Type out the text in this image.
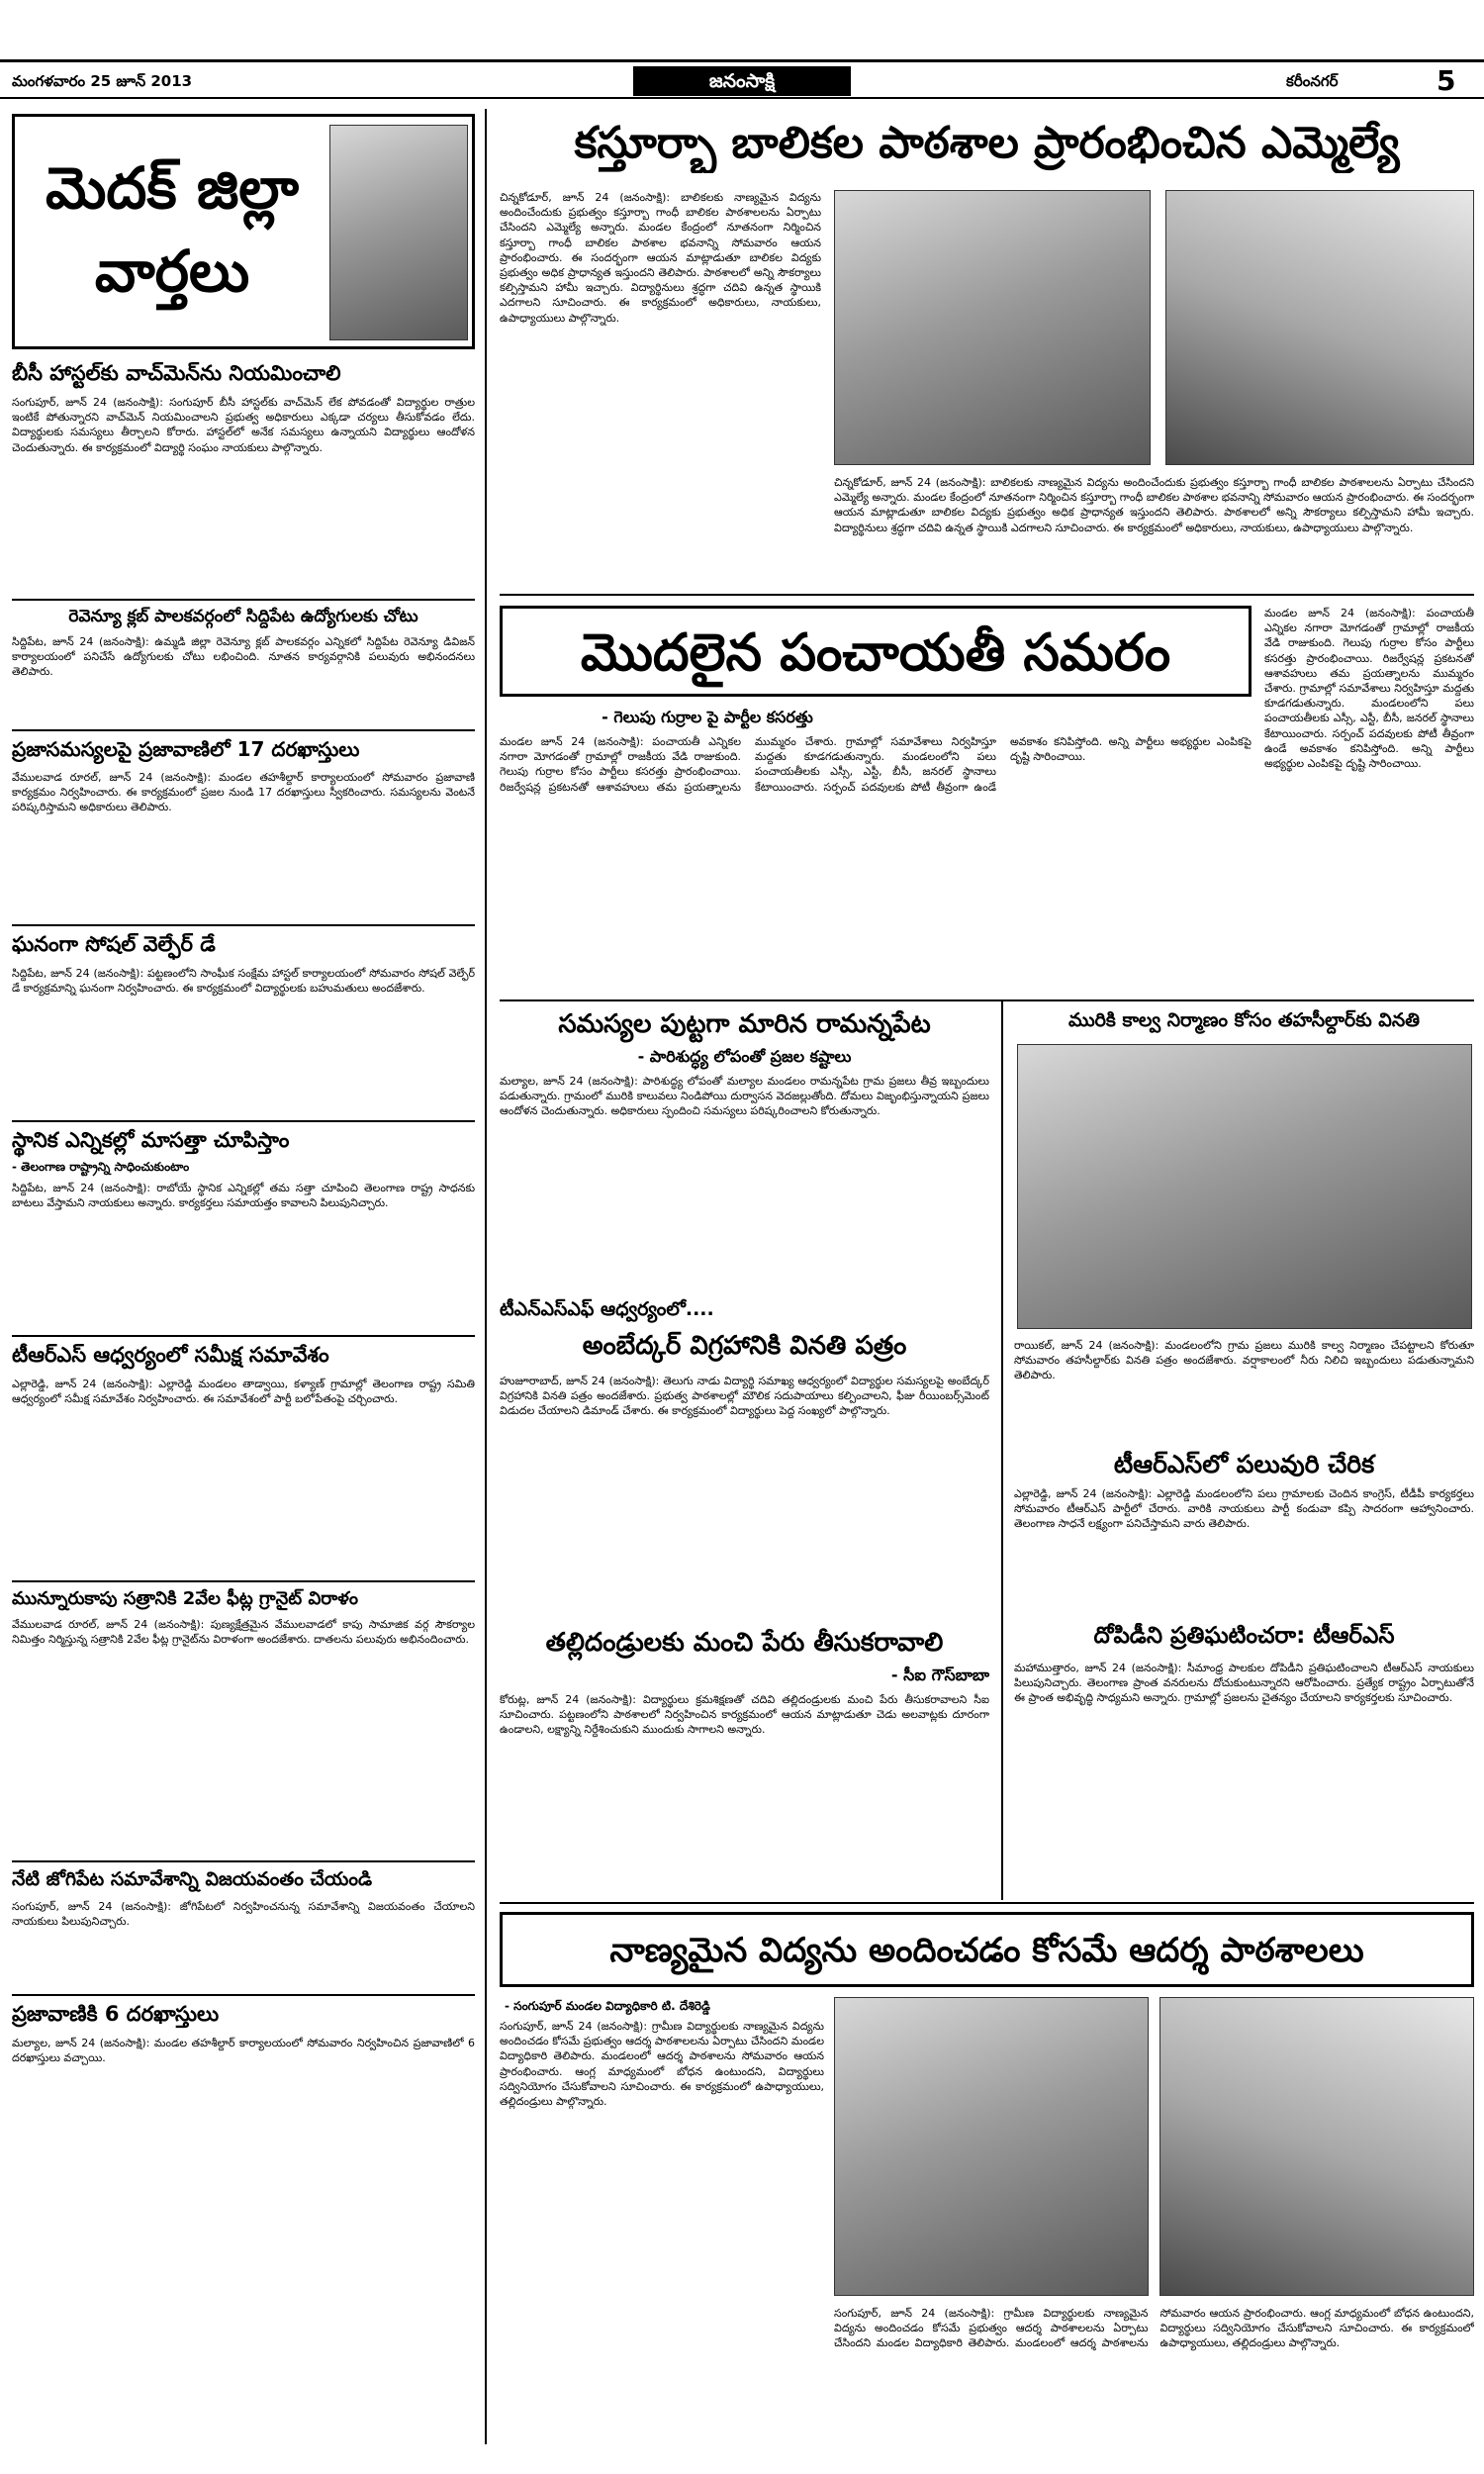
మంగళవారం 25 జూన్ 2013	జనంసాక్షి	కరీంనగర్	5
మెదక్ జిల్లా వార్తలు
బీసీ హాస్టల్‌కు వాచ్‌మెన్‌ను నియమించాలి
సంగుపూర్, జూన్ 24 (జనంసాక్షి): సంగుపూర్ బీసీ హాస్టల్‌కు వాచ్‌మెన్ లేక పోవడంతో విద్యార్థుల రాత్రుల ఇంటికే పోతున్నారని వాచ్‌మెన్ నియమించాలని ప్రభుత్వ అధికారులు ఎక్కడా చర్యలు తీసుకోవడం లేదు. విద్యార్థులకు సమస్యలు తీర్చాలని కోరారు. హాస్టల్‌లో అనేక సమస్యలు ఉన్నాయని విద్యార్థులు ఆందోళన చెందుతున్నారు. ఈ కార్యక్రమంలో విద్యార్థి సంఘం నాయకులు పాల్గొన్నారు.
రెవెన్యూ క్లబ్ పాలకవర్గంలో సిద్దిపేట ఉద్యోగులకు చోటు
సిద్దిపేట, జూన్ 24 (జనంసాక్షి): ఉమ్మడి జిల్లా రెవెన్యూ క్లబ్ పాలకవర్గం ఎన్నికలో సిద్దిపేట రెవెన్యూ డివిజన్ కార్యాలయంలో పనిచేసే ఉద్యోగులకు చోటు లభించింది. నూతన కార్యవర్గానికి పలువురు అభినందనలు తెలిపారు.
ప్రజాసమస్యలపై ప్రజావాణిలో 17 దరఖాస్తులు
వేములవాడ రూరల్, జూన్ 24 (జనంసాక్షి): మండల తహశీల్దార్ కార్యాలయంలో సోమవారం ప్రజావాణి కార్యక్రమం నిర్వహించారు. ఈ కార్యక్రమంలో ప్రజల నుండి 17 దరఖాస్తులు స్వీకరించారు. సమస్యలను వెంటనే పరిష్కరిస్తామని అధికారులు తెలిపారు.
ఘనంగా సోషల్ వెల్ఫేర్ డే
సిద్దిపేట, జూన్ 24 (జనంసాక్షి): పట్టణంలోని సాంఘీక సంక్షేమ హాస్టల్ కార్యాలయంలో సోమవారం సోషల్ వెల్ఫేర్ డే కార్యక్రమాన్ని ఘనంగా నిర్వహించారు. ఈ కార్యక్రమంలో విద్యార్థులకు బహుమతులు అందజేశారు.
స్థానిక ఎన్నికల్లో మాసత్తా చూపిస్తాం
- తెలంగాణ రాష్ట్రాన్ని సాధించుకుంటాం
సిద్దిపేట, జూన్ 24 (జనంసాక్షి): రాబోయే స్థానిక ఎన్నికల్లో తమ సత్తా చూపించి తెలంగాణ రాష్ట్ర సాధనకు బాటలు వేస్తామని నాయకులు అన్నారు. కార్యకర్తలు సమాయత్తం కావాలని పిలుపునిచ్చారు.
టీఆర్‌ఎస్ ఆధ్వర్యంలో సమీక్ష సమావేశం
ఎల్లారెడ్డి, జూన్ 24 (జనంసాక్షి): ఎల్లారెడ్డి మండలం తాడ్వాయి, కళ్యాణ్ గ్రామాల్లో తెలంగాణ రాష్ట్ర సమితి ఆధ్వర్యంలో సమీక్ష సమావేశం నిర్వహించారు. ఈ సమావేశంలో పార్టీ బలోపేతంపై చర్చించారు.
మున్నూరుకాపు సత్రానికి 2వేల ఫీట్ల గ్రానైట్ విరాళం
వేములవాడ రూరల్, జూన్ 24 (జనంసాక్షి): పుణ్యక్షేత్రమైన వేములవాడలో కాపు సామాజిక వర్గ సౌకర్యాల నిమిత్తం నిర్మిస్తున్న సత్రానికి 2వేల ఫీట్ల గ్రానైట్‌ను విరాళంగా అందజేశారు. దాతలను పలువురు అభినందించారు.
నేటి జోగిపేట సమావేశాన్ని విజయవంతం చేయండి
సంగుపూర్, జూన్ 24 (జనంసాక్షి): జోగిపేటలో నిర్వహించనున్న సమావేశాన్ని విజయవంతం చేయాలని నాయకులు పిలుపునిచ్చారు.
ప్రజావాణికి 6 దరఖాస్తులు
మల్యాల, జూన్ 24 (జనంసాక్షి): మండల తహశీల్దార్ కార్యాలయంలో సోమవారం నిర్వహించిన ప్రజావాణిలో 6 దరఖాస్తులు వచ్చాయి.
కస్తూర్బా బాలికల పాఠశాల ప్రారంభించిన ఎమ్మెల్యే
చిన్నకోడూర్, జూన్ 24 (జనంసాక్షి): బాలికలకు నాణ్యమైన విద్యను అందించేందుకు ప్రభుత్వం కస్తూర్బా గాంధీ బాలికల పాఠశాలలను ఏర్పాటు చేసిందని ఎమ్మెల్యే అన్నారు. మండల కేంద్రంలో నూతనంగా నిర్మించిన కస్తూర్బా గాంధీ బాలికల పాఠశాల భవనాన్ని సోమవారం ఆయన ప్రారంభించారు. ఈ సందర్భంగా ఆయన మాట్లాడుతూ బాలికల విద్యకు ప్రభుత్వం అధిక ప్రాధాన్యత ఇస్తుందని తెలిపారు. పాఠశాలలో అన్ని సౌకర్యాలు కల్పిస్తామని హామీ ఇచ్చారు. విద్యార్థినులు శ్రద్ధగా చదివి ఉన్నత స్థాయికి ఎదగాలని సూచించారు. ఈ కార్యక్రమంలో అధికారులు, నాయకులు, ఉపాధ్యాయులు పాల్గొన్నారు.
చిన్నకోడూర్, జూన్ 24 (జనంసాక్షి): బాలికలకు నాణ్యమైన విద్యను అందించేందుకు ప్రభుత్వం కస్తూర్బా గాంధీ బాలికల పాఠశాలలను ఏర్పాటు చేసిందని ఎమ్మెల్యే అన్నారు. మండల కేంద్రంలో నూతనంగా నిర్మించిన కస్తూర్బా గాంధీ బాలికల పాఠశాల భవనాన్ని సోమవారం ఆయన ప్రారంభించారు. ఈ సందర్భంగా ఆయన మాట్లాడుతూ బాలికల విద్యకు ప్రభుత్వం అధిక ప్రాధాన్యత ఇస్తుందని తెలిపారు. పాఠశాలలో అన్ని సౌకర్యాలు కల్పిస్తామని హామీ ఇచ్చారు. విద్యార్థినులు శ్రద్ధగా చదివి ఉన్నత స్థాయికి ఎదగాలని సూచించారు. ఈ కార్యక్రమంలో అధికారులు, నాయకులు, ఉపాధ్యాయులు పాల్గొన్నారు.
మొదలైన పంచాయతీ సమరం
మండల జూన్ 24 (జనంసాక్షి): పంచాయతీ ఎన్నికల నగారా మోగడంతో గ్రామాల్లో రాజకీయ వేడి రాజుకుంది. గెలుపు గుర్రాల కోసం పార్టీలు కసరత్తు ప్రారంభించాయి. రిజర్వేషన్ల ప్రకటనతో ఆశావహులు తమ ప్రయత్నాలను ముమ్మరం చేశారు. గ్రామాల్లో సమావేశాలు నిర్వహిస్తూ మద్దతు కూడగడుతున్నారు. మండలంలోని పలు పంచాయతీలకు ఎస్సీ, ఎస్టీ, బీసీ, జనరల్ స్థానాలు కేటాయించారు. సర్పంచ్ పదవులకు పోటీ తీవ్రంగా ఉండే అవకాశం కనిపిస్తోంది. అన్ని పార్టీలు అభ్యర్థుల ఎంపికపై దృష్టి సారించాయి.
- గెలుపు గుర్రాల పై పార్టీల కసరత్తు
మండల జూన్ 24 (జనంసాక్షి): పంచాయతీ ఎన్నికల నగారా మోగడంతో గ్రామాల్లో రాజకీయ వేడి రాజుకుంది. గెలుపు గుర్రాల కోసం పార్టీలు కసరత్తు ప్రారంభించాయి. రిజర్వేషన్ల ప్రకటనతో ఆశావహులు తమ ప్రయత్నాలను ముమ్మరం చేశారు. గ్రామాల్లో సమావేశాలు నిర్వహిస్తూ మద్దతు కూడగడుతున్నారు. మండలంలోని పలు పంచాయతీలకు ఎస్సీ, ఎస్టీ, బీసీ, జనరల్ స్థానాలు కేటాయించారు. సర్పంచ్ పదవులకు పోటీ తీవ్రంగా ఉండే అవకాశం కనిపిస్తోంది. అన్ని పార్టీలు అభ్యర్థుల ఎంపికపై దృష్టి సారించాయి.
సమస్యల పుట్టగా మారిన రామన్నపేట
- పారిశుద్ధ్య లోపంతో ప్రజల కష్టాలు
మల్యాల, జూన్ 24 (జనంసాక్షి): పారిశుద్ధ్య లోపంతో మల్యాల మండలం రామన్నపేట గ్రామ ప్రజలు తీవ్ర ఇబ్బందులు పడుతున్నారు. గ్రామంలో మురికి కాలువలు నిండిపోయి దుర్వాసన వెదజల్లుతోంది. దోమలు విజృంభిస్తున్నాయని ప్రజలు ఆందోళన చెందుతున్నారు. అధికారులు స్పందించి సమస్యలు పరిష్కరించాలని కోరుతున్నారు.
టీఎన్‌ఎస్‌ఎఫ్ ఆధ్వర్యంలో....
అంబేద్కర్ విగ్రహానికి వినతి పత్రం
హుజూరాబాద్, జూన్ 24 (జనంసాక్షి): తెలుగు నాడు విద్యార్థి సమాఖ్య ఆధ్వర్యంలో విద్యార్థుల సమస్యలపై అంబేద్కర్ విగ్రహానికి వినతి పత్రం అందజేశారు. ప్రభుత్వ పాఠశాలల్లో మౌలిక సదుపాయాలు కల్పించాలని, ఫీజు రీయింబర్స్‌మెంట్ విడుదల చేయాలని డిమాండ్ చేశారు. ఈ కార్యక్రమంలో విద్యార్థులు పెద్ద సంఖ్యలో పాల్గొన్నారు.
తల్లిదండ్రులకు మంచి పేరు తీసుకరావాలి
- సీఐ గౌస్‌బాబా
కోరుట్ల, జూన్ 24 (జనంసాక్షి): విద్యార్థులు క్రమశిక్షణతో చదివి తల్లిదండ్రులకు మంచి పేరు తీసుకరావాలని సీఐ సూచించారు. పట్టణంలోని పాఠశాలలో నిర్వహించిన కార్యక్రమంలో ఆయన మాట్లాడుతూ చెడు అలవాట్లకు దూరంగా ఉండాలని, లక్ష్యాన్ని నిర్దేశించుకుని ముందుకు సాగాలని అన్నారు.
మురికి కాల్వ నిర్మాణం కోసం తహసీల్దార్‌కు వినతి
రాయికల్, జూన్ 24 (జనంసాక్షి): మండలంలోని గ్రామ ప్రజలు మురికి కాల్వ నిర్మాణం చేపట్టాలని కోరుతూ సోమవారం తహసీల్దార్‌కు వినతి పత్రం అందజేశారు. వర్షాకాలంలో నీరు నిలిచి ఇబ్బందులు పడుతున్నామని తెలిపారు.
టీఆర్‌ఎస్‌లో పలువురి చేరిక
ఎల్లారెడ్డి, జూన్ 24 (జనంసాక్షి): ఎల్లారెడ్డి మండలంలోని పలు గ్రామాలకు చెందిన కాంగ్రెస్, టీడీపీ కార్యకర్తలు సోమవారం టీఆర్‌ఎస్ పార్టీలో చేరారు. వారికి నాయకులు పార్టీ కండువా కప్పి సాదరంగా ఆహ్వానించారు. తెలంగాణ సాధనే లక్ష్యంగా పనిచేస్తామని వారు తెలిపారు.
దోపిడీని ప్రతిఘటించరా: టీఆర్‌ఎస్
మహాముత్తారం, జూన్ 24 (జనంసాక్షి): సీమాంధ్ర పాలకుల దోపిడీని ప్రతిఘటించాలని టీఆర్‌ఎస్ నాయకులు పిలుపునిచ్చారు. తెలంగాణ ప్రాంత వనరులను దోచుకుంటున్నారని ఆరోపించారు. ప్రత్యేక రాష్ట్రం ఏర్పాటుతోనే ఈ ప్రాంత అభివృద్ధి సాధ్యమని అన్నారు. గ్రామాల్లో ప్రజలను చైతన్యం చేయాలని కార్యకర్తలకు సూచించారు.
నాణ్యమైన విద్యను అందించడం కోసమే ఆదర్శ పాఠశాలలు
- సంగుపూర్ మండల విద్యాధికారి టి. దేశిరెడ్డి
సంగుపూర్, జూన్ 24 (జనంసాక్షి): గ్రామీణ విద్యార్థులకు నాణ్యమైన విద్యను అందించడం కోసమే ప్రభుత్వం ఆదర్శ పాఠశాలలను ఏర్పాటు చేసిందని మండల విద్యాధికారి తెలిపారు. మండలంలో ఆదర్శ పాఠశాలను సోమవారం ఆయన ప్రారంభించారు. ఆంగ్ల మాధ్యమంలో బోధన ఉంటుందని, విద్యార్థులు సద్వినియోగం చేసుకోవాలని సూచించారు. ఈ కార్యక్రమంలో ఉపాధ్యాయులు, తల్లిదండ్రులు పాల్గొన్నారు.
సంగుపూర్, జూన్ 24 (జనంసాక్షి): గ్రామీణ విద్యార్థులకు నాణ్యమైన విద్యను అందించడం కోసమే ప్రభుత్వం ఆదర్శ పాఠశాలలను ఏర్పాటు చేసిందని మండల విద్యాధికారి తెలిపారు. మండలంలో ఆదర్శ పాఠశాలను సోమవారం ఆయన ప్రారంభించారు. ఆంగ్ల మాధ్యమంలో బోధన ఉంటుందని, విద్యార్థులు సద్వినియోగం చేసుకోవాలని సూచించారు. ఈ కార్యక్రమంలో ఉపాధ్యాయులు, తల్లిదండ్రులు పాల్గొన్నారు.
